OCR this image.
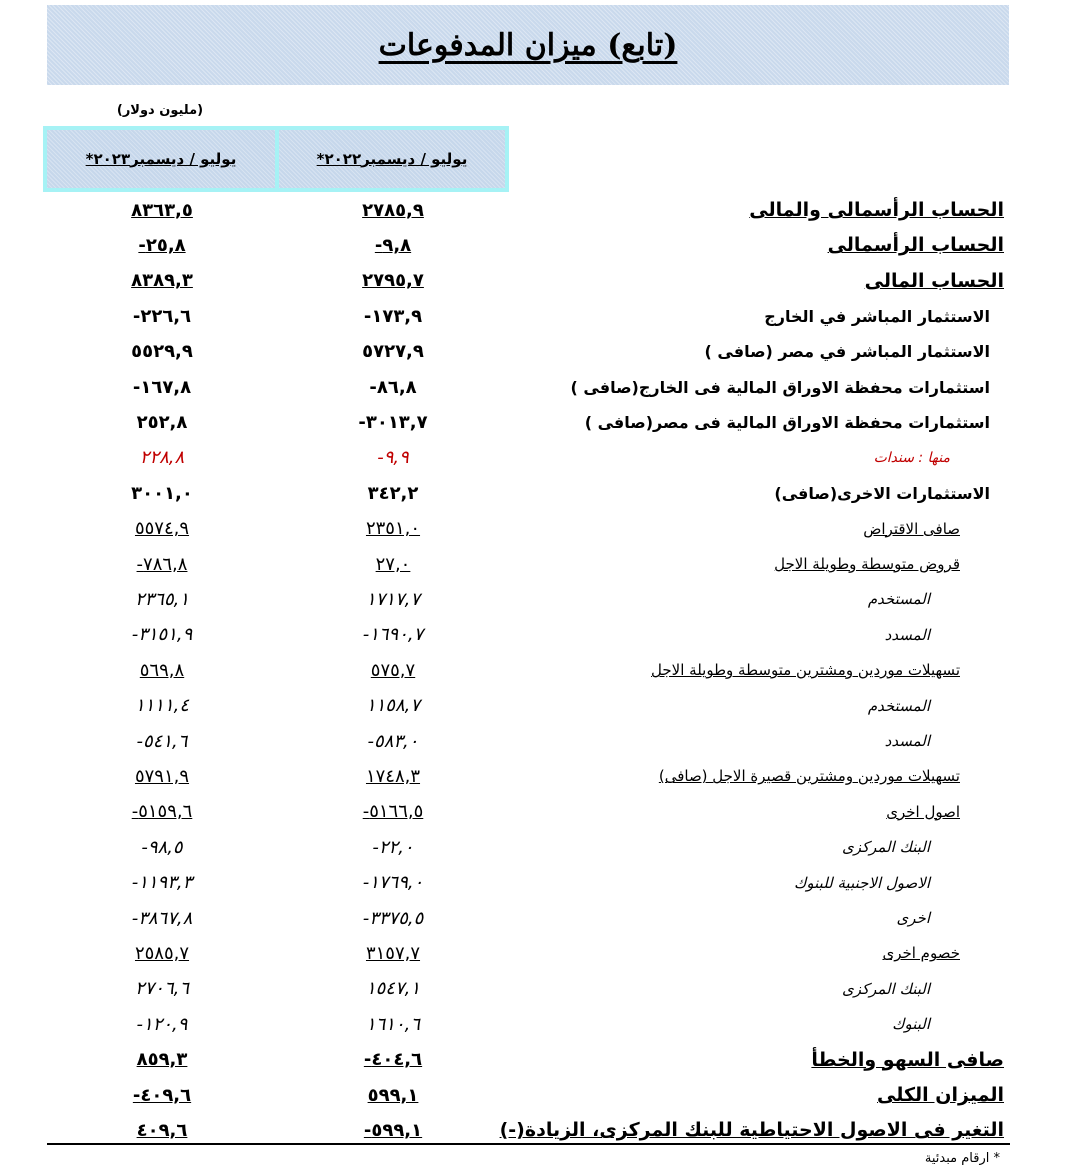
(تابع) ميزان المدفوعات
(مليون دولار)
يوليو / ديسمبر٢٠٢٣*	يوليو / ديسمبر٢٠٢٢*
٨٣٦٣,٥	٢٧٨٥,٩	الحساب الرأسمالى والمالى
-٢٥,٨	-٩,٨	الحساب الرأسمالى
٨٣٨٩,٣	٢٧٩٥,٧	الحساب المالى
-٢٢٦,٦	-١٧٣,٩	الاستثمار المباشر في الخارج
٥٥٢٩,٩	٥٧٢٧,٩	الاستثمار المباشر في مصر (صافى )
-١٦٧,٨	-٨٦,٨	استثمارات محفظة الاوراق المالية فى الخارج(صافى )
٢٥٢,٨	-٣٠١٣,٧	استثمارات محفظة الاوراق المالية فى مصر(صافى )
٢٢٨,٨	-٩,٩	منها : سندات
٣٠٠١,٠	٣٤٢,٢	الاستثمارات الاخرى(صافى)
٥٥٧٤,٩	٢٣٥١,٠	صافى الاقتراض
-٧٨٦,٨	٢٧,٠	قروض متوسطة وطويلة الاجل
٢٣٦٥,١	١٧١٧,٧	المستخدم
-٣١٥١,٩	-١٦٩٠,٧	المسدد
٥٦٩,٨	٥٧٥,٧	تسهيلات موردين ومشترين متوسطة وطويلة الاجل
١١١١,٤	١١٥٨,٧	المستخدم
-٥٤١,٦	-٥٨٣,٠	المسدد
٥٧٩١,٩	١٧٤٨,٣	تسهيلات موردين ومشترين قصيرة الاجل (صافى)
-٥١٥٩,٦	-٥١٦٦,٥	اصول اخرى
-٩٨,٥	-٢٢,٠	البنك المركزى
-١١٩٣,٣	-١٧٦٩,٠	الاصول الاجنبية للبنوك
-٣٨٦٧,٨	-٣٣٧٥,٥	اخرى
٢٥٨٥,٧	٣١٥٧,٧	خصوم اخرى
٢٧٠٦,٦	١٥٤٧,١	البنك المركزى
-١٢٠,٩	١٦١٠,٦	البنوك
٨٥٩,٣	-٤٠٤,٦	صافى السهو والخطأ
-٤٠٩,٦	٥٩٩,١	الميزان الكلى
٤٠٩,٦	-٥٩٩,١	التغير فى الاصول الاحتياطية للبنك المركزى، الزيادة(-)
* ارقام مبدئية
